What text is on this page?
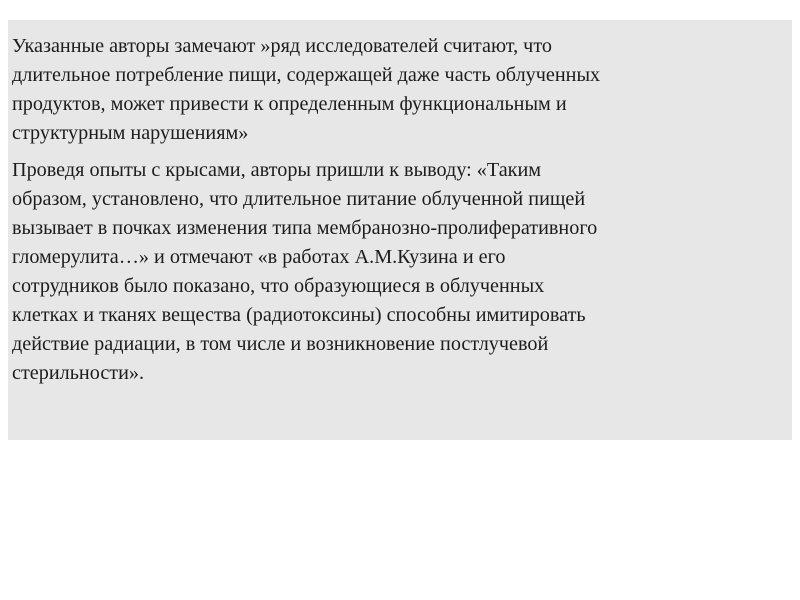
Указанные авторы замечают »ряд исследователей считают, что
длительное потребление пищи, содержащей даже часть облученных
продуктов, может привести к определенным функциональным и
структурным нарушениям»

Проведя опыты с крысами, авторы пришли к выводу: «Таким
образом, установлено, что длительное питание облученной пищей
вызывает в почках изменения типа мембранозно-пролиферативного
гломерулита…» и отмечают «в работах А.М.Кузина и его
сотрудников было показано, что образующиеся в облученных
клетках и тканях вещества (радиотоксины) способны имитировать
действие радиации, в том числе и возникновение постлучевой
стерильности».
